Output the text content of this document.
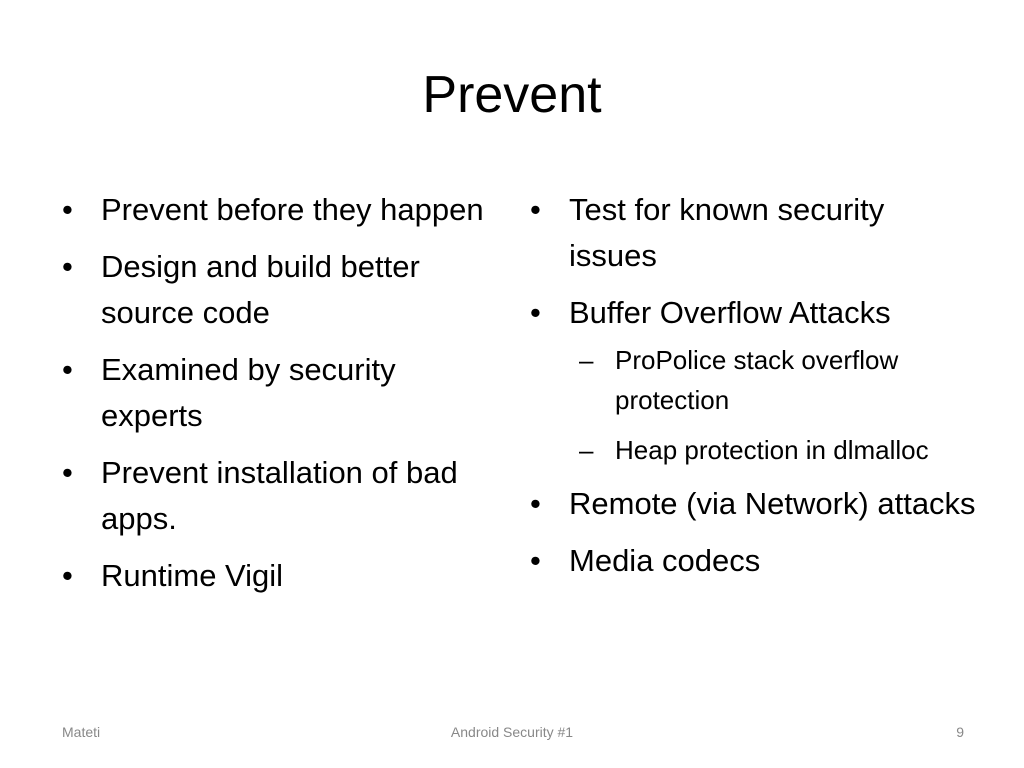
Prevent
• Prevent before they happen
• Design and build better source code
• Examined by security experts
• Prevent installation of bad apps.
• Runtime Vigil
• Test for known security issues
• Buffer Overflow Attacks
– ProPolice stack overflow protection
– Heap protection in dlmalloc
• Remote (via Network) attacks
• Media codecs
Mateti	Android Security #1	9
